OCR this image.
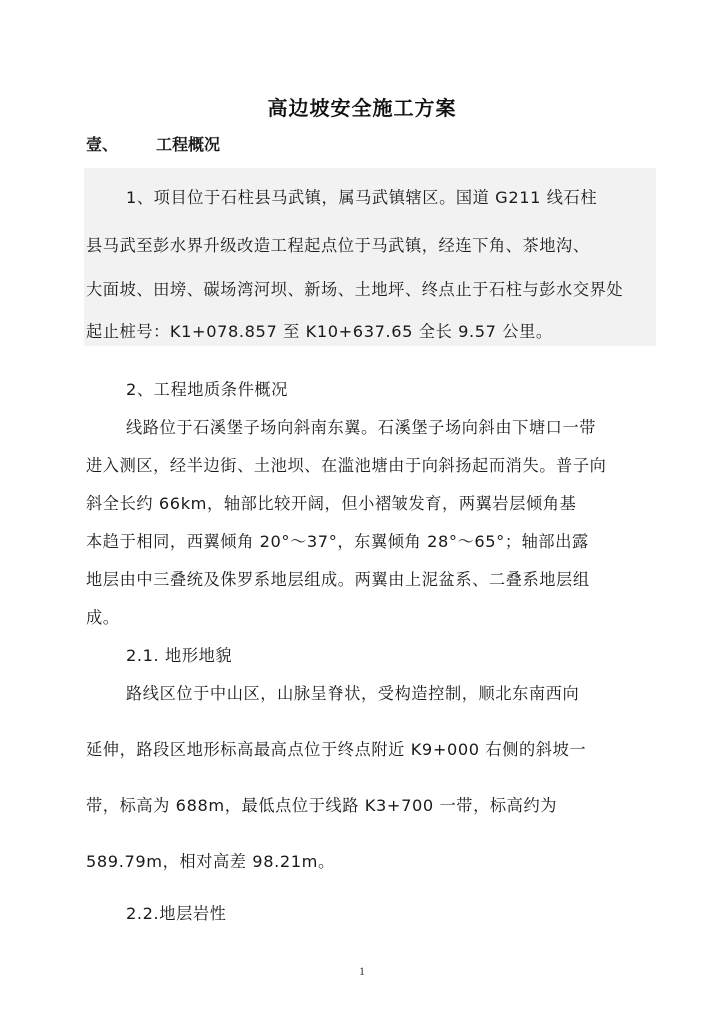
高边坡安全施工方案
壹、 工程概况
1、项目位于石柱县马武镇，属马武镇辖区。国道 G211 线石柱
县马武至彭水界升级改造工程起点位于马武镇，经连下角、茶地沟、
大面坡、田塝、碳场湾河坝、新场、土地坪、终点止于石柱与彭水交界处
起止桩号：K1+078.857 至 K10+637.65 全长 9.57 公里。
2、工程地质条件概况
线路位于石溪堡子场向斜南东翼。石溪堡子场向斜由下塘口一带
进入测区，经半边街、土池坝、在滥池塘由于向斜扬起而消失。普子向
斜全长约 66km，轴部比较开阔，但小褶皱发育，两翼岩层倾角基
本趋于相同，西翼倾角 20°～37°，东翼倾角 28°～65°；轴部出露
地层由中三叠统及侏罗系地层组成。两翼由上泥盆系、二叠系地层组
成。
2.1. 地形地貌
路线区位于中山区，山脉呈脊状，受构造控制，顺北东南西向
延伸，路段区地形标高最高点位于终点附近 K9+000 右侧的斜坡一
带，标高为 688m，最低点位于线路 K3+700 一带，标高约为
589.79m，相对高差 98.21m。
2.2.地层岩性
1
